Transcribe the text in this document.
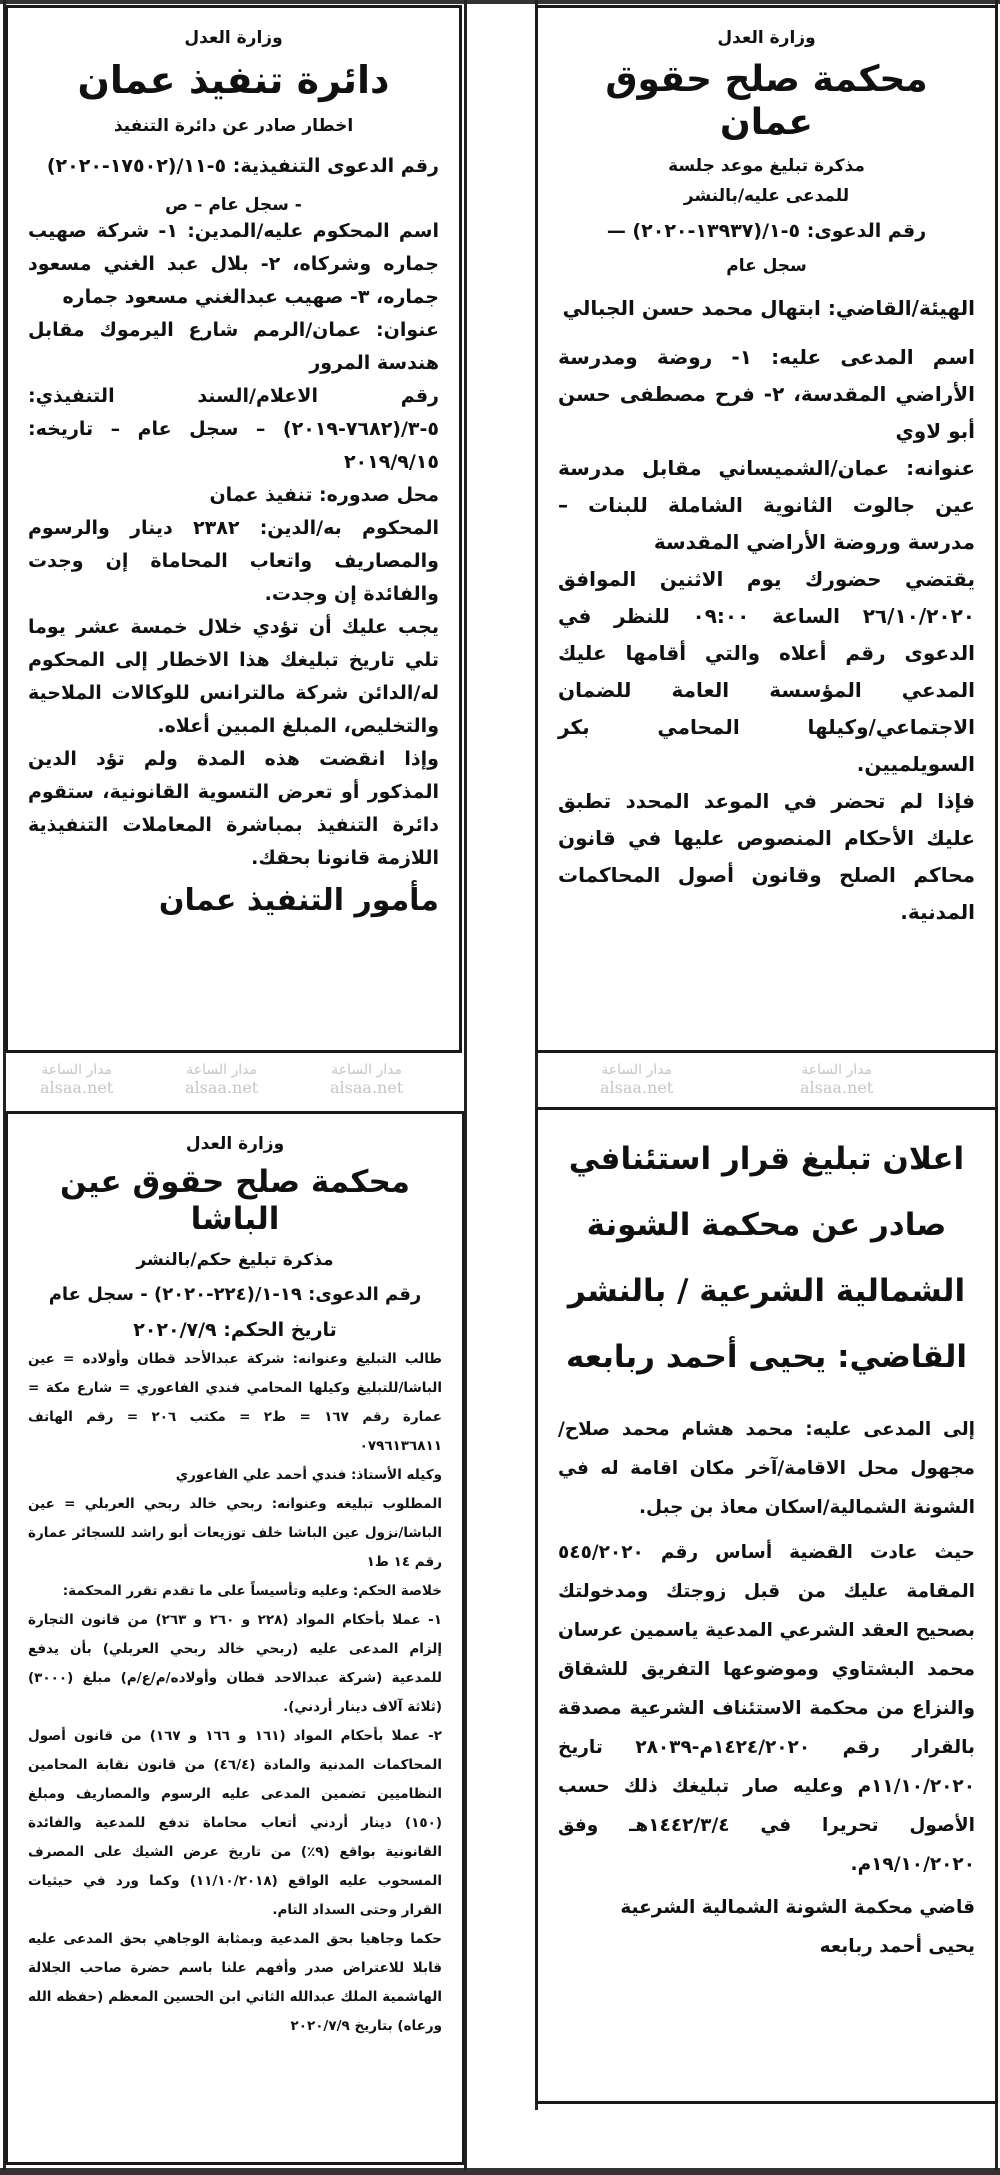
وزارة العدل
محكمة صلح حقوق عمان
مذكرة تبليغ موعد جلسة
للمدعى عليه/بالنشر
رقم الدعوى: ٥-١/(١٣٩٣٧-٢٠٢٠) —
سجل عام

الهيئة/القاضي: ابتهال محمد حسن الجبالي

اسم المدعى عليه: ١- روضة ومدرسة الأراضي المقدسة، ٢- فرح مصطفى حسن أبو لاوي

عنوانه: عمان/الشميساني مقابل مدرسة عين جالوت الثانوية الشاملة للبنات – مدرسة وروضة الأراضي المقدسة

يقتضي حضورك يوم الاثنين الموافق ٢٦/١٠/٢٠٢٠ الساعة ٠٩:٠٠ للنظر في الدعوى رقم أعلاه والتي أقامها عليك المدعي المؤسسة العامة للضمان الاجتماعي/وكيلها المحامي بكر السويلميين.

فإذا لم تحضر في الموعد المحدد تطبق عليك الأحكام المنصوص عليها في قانون محاكم الصلح وقانون أصول المحاكمات المدنية.

وزارة العدل
دائرة تنفيذ عمان
اخطار صادر عن دائرة التنفيذ

رقم الدعوى التنفيذية: ٥-١١/(١٧٥٠٢-٢٠٢٠)

- سجل عام – ص

اسم المحكوم عليه/المدين: ١- شركة صهيب جماره وشركاه، ٢- بلال عبد الغني مسعود جماره، ٣- صهيب عبدالغني مسعود جماره

عنوان: عمان/الرمم شارع اليرموك مقابل هندسة المرور

رقم الاعلام/السند التنفيذي: ٥-٣/(٧٦٨٢-٢٠١٩) – سجل عام – تاريخه: ٢٠١٩/٩/١٥

محل صدوره: تنفيذ عمان

المحكوم به/الدين: ٢٣٨٢ دينار والرسوم والمصاريف واتعاب المحاماة إن وجدت والفائدة إن وجدت.

يجب عليك أن تؤدي خلال خمسة عشر يوما تلي تاريخ تبليغك هذا الاخطار إلى المحكوم له/الدائن شركة مالترانس للوكالات الملاحية والتخليص، المبلغ المبين أعلاه.

وإذا انقضت هذه المدة ولم تؤد الدين المذكور أو تعرض التسوية القانونية، ستقوم دائرة التنفيذ بمباشرة المعاملات التنفيذية اللازمة قانونا بحقك.

مأمور التنفيذ عمان
اعلان تبليغ قرار استئنافي
صادر عن محكمة الشونة
الشمالية الشرعية / بالنشر
القاضي: يحيى أحمد ربابعه

إلى المدعى عليه: محمد هشام محمد صلاح/ مجهول محل الاقامة/آخر مكان اقامة له في الشونة الشمالية/اسكان معاذ بن جبل.

حيث عادت القضية أساس رقم ٥٤٥/٢٠٢٠ المقامة عليك من قبل زوجتك ومدخولتك بصحيح العقد الشرعي المدعية ياسمين عرسان محمد البشتاوي وموضوعها التفريق للشقاق والنزاع من محكمة الاستئناف الشرعية مصدقة بالقرار رقم ١٤٢٤/٢٠٢٠م-٢٨٠٣٩ تاريخ ١١/١٠/٢٠٢٠م وعليه صار تبليغك ذلك حسب الأصول تحريرا في ١٤٤٢/٣/٤هـ وفق ١٩/١٠/٢٠٢٠م.

قاضي محكمة الشونة الشمالية الشرعية

يحيى أحمد ربابعه

وزارة العدل
محكمة صلح حقوق عين الباشا
مذكرة تبليغ حكم/بالنشر
رقم الدعوى: ١٩-١/(٢٢٤-٢٠٢٠) - سجل عام
تاريخ الحكم: ٢٠٢٠/٧/٩

طالب التبليغ وعنوانه: شركة عبدالأحد قطان وأولاده = عين الباشا/للتبليغ وكيلها المحامي فندي الفاعوري = شارع مكة = عمارة رقم ١٦٧ = ط٢ = مكتب ٢٠٦ = رقم الهاتف ٠٧٩٦١٣٦٨١١

وكيله الأستاذ: فندي أحمد علي الفاعوري

المطلوب تبليغه وعنوانه: ربحي خالد ربحي العربلي = عين الباشا/نزول عين الباشا خلف توزيعات أبو راشد للسجائر عمارة رقم ١٤ ط١

خلاصة الحكم: وعليه وتأسيساً على ما تقدم تقرر المحكمة:

١- عملا بأحكام المواد (٢٢٨ و ٢٦٠ و ٢٦٣) من قانون التجارة إلزام المدعى عليه (ربحي خالد ربحي العربلي) بأن يدفع للمدعية (شركة عبدالاحد قطان وأولاده/م/ع/م) مبلغ (٣٠٠٠) (ثلاثة آلاف دينار أردني).

٢- عملا بأحكام المواد (١٦١ و ١٦٦ و ١٦٧) من قانون أصول المحاكمات المدنية والمادة (٤٦/٤) من قانون نقابة المحامين النظاميين تضمين المدعى عليه الرسوم والمصاريف ومبلغ (١٥٠) دينار أردني أتعاب محاماة تدفع للمدعية والفائدة القانونية بواقع (٩٪) من تاريخ عرض الشيك على المصرف المسحوب عليه الواقع (١١/١٠/٢٠١٨) وكما ورد في حيثيات القرار وحتى السداد التام.

حكما وجاهيا بحق المدعية وبمثابة الوجاهي بحق المدعى عليه قابلا للاعتراض صدر وأفهم علنا باسم حضرة صاحب الجلالة الهاشمية الملك عبدالله الثاني ابن الحسين المعظم (حفظه الله ورعاه) بتاريخ ٢٠٢٠/٧/٩

مدار الساعة
alsaa.net
مدار الساعة
alsaa.net
مدار الساعة
alsaa.net
مدار الساعة
alsaa.net
مدار الساعة
alsaa.net
